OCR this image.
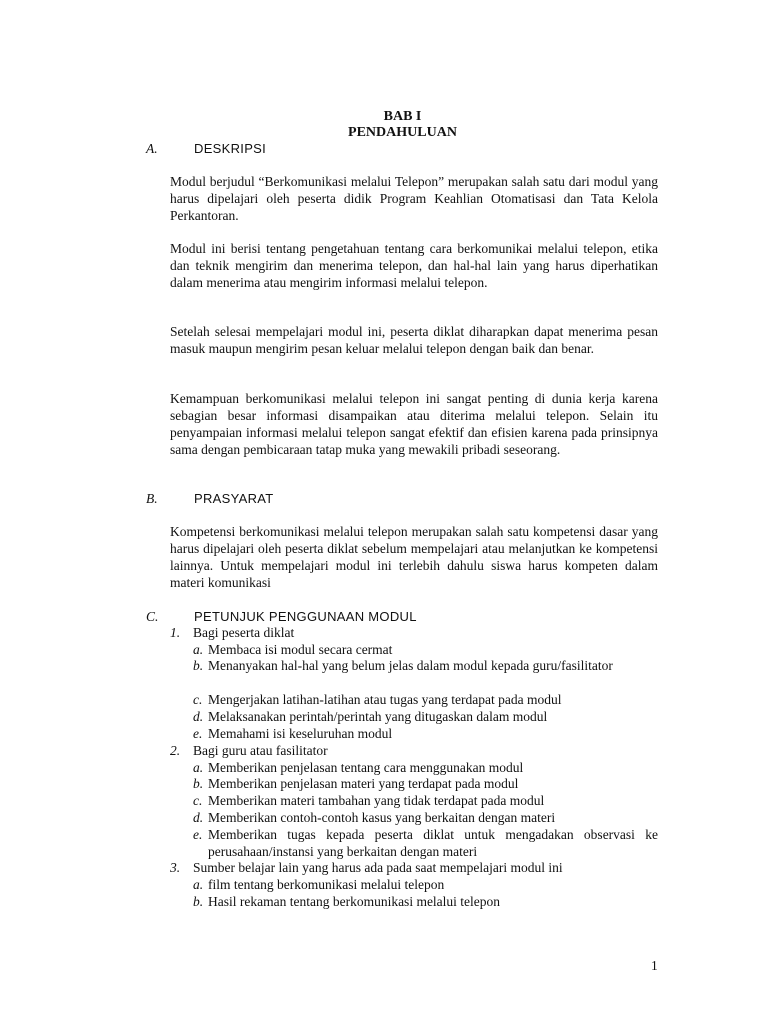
BAB I
PENDAHULUAN
A.	DESKRIPSI

Modul berjudul “Berkomunikasi melalui Telepon” merupakan salah satu dari modul yang harus dipelajari oleh peserta didik Program Keahlian Otomatisasi dan Tata Kelola Perkantoran.

Modul ini berisi tentang pengetahuan tentang cara berkomunikai melalui telepon, etika dan teknik mengirim dan menerima telepon, dan hal-hal lain yang harus diperhatikan dalam menerima atau mengirim informasi melalui telepon.

Setelah selesai mempelajari modul ini, peserta diklat diharapkan dapat menerima pesan masuk maupun mengirim pesan keluar melalui telepon dengan baik dan benar.

Kemampuan berkomunikasi melalui telepon ini sangat penting di dunia kerja karena sebagian besar informasi disampaikan atau diterima melalui telepon. Selain itu penyampaian informasi melalui telepon sangat efektif dan efisien karena pada prinsipnya sama dengan pembicaraan tatap muka yang mewakili pribadi seseorang.

B.	PRASYARAT

Kompetensi berkomunikasi melalui telepon merupakan salah satu kompetensi dasar yang harus dipelajari oleh peserta diklat sebelum mempelajari atau melanjutkan ke kompetensi lainnya. Untuk mempelajari modul ini terlebih dahulu siswa harus kompeten dalam materi komunikasi

C.	PETUNJUK PENGGUNAAN MODUL
1. Bagi peserta diklat
a. Membaca isi modul secara cermat
b. Menanyakan hal-hal yang belum jelas dalam modul kepada guru/fasilitator
c. Mengerjakan latihan-latihan atau tugas yang terdapat pada modul
d. Melaksanakan perintah/perintah yang ditugaskan dalam modul
e. Memahami isi keseluruhan modul
2. Bagi guru atau fasilitator
a. Memberikan penjelasan tentang cara menggunakan modul
b. Memberikan penjelasan materi yang terdapat pada modul
c. Memberikan materi tambahan yang tidak terdapat pada modul
d. Memberikan contoh-contoh kasus yang berkaitan dengan materi
e. Memberikan tugas kepada peserta diklat untuk mengadakan observasi ke perusahaan/instansi yang berkaitan dengan materi
3. Sumber belajar lain yang harus ada pada saat mempelajari modul ini
a. film tentang berkomunikasi melalui telepon
b. Hasil rekaman tentang berkomunikasi melalui telepon
1
